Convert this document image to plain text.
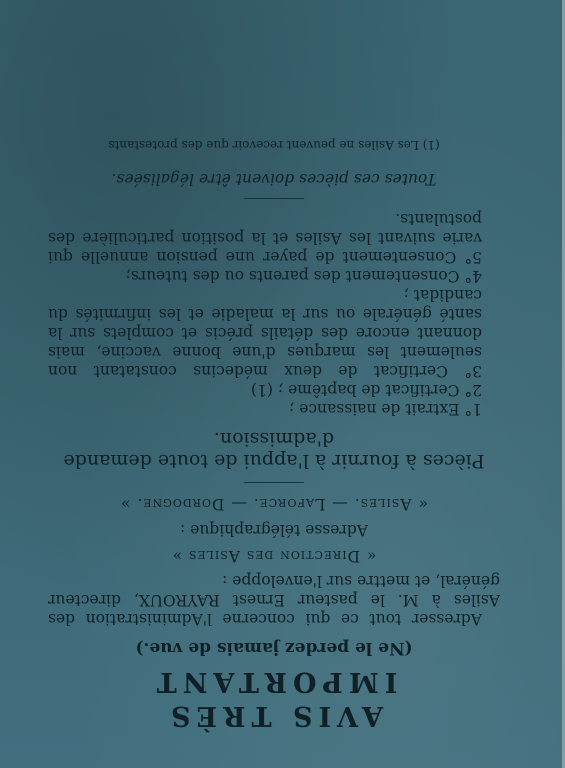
AVIS TRÈS IMPORTANT
(Ne le perdez jamais de vue.)

Adresser tout ce qui concerne l'Administration des Asiles à M. le pasteur Ernest RAYROUX, directeur général, et mettre sur l'enveloppe :

« Direction des Asiles »
Adresse télégraphique :
« Asiles. — Laforce. — Dordogne. »
Pièces à fournir à l'appui de toute demande d'admission.

1° Extrait de naissance ;

2° Certificat de baptême ; (1)

3° Certificat de deux médecins constatant non seulement les marques d'une bonne vaccine, mais donnant encore des détails précis et complets sur la santé générale ou sur la maladie et les infirmités du candidat ;

4° Consentement des parents ou des tuteurs;

5° Consentement de payer une pension annuelle qui varie suivant les Asiles et la position particulière des postulants.

Toutes ces pièces doivent être légalisées.

(1) Les Asiles ne peuvent recevoir que des protestants
